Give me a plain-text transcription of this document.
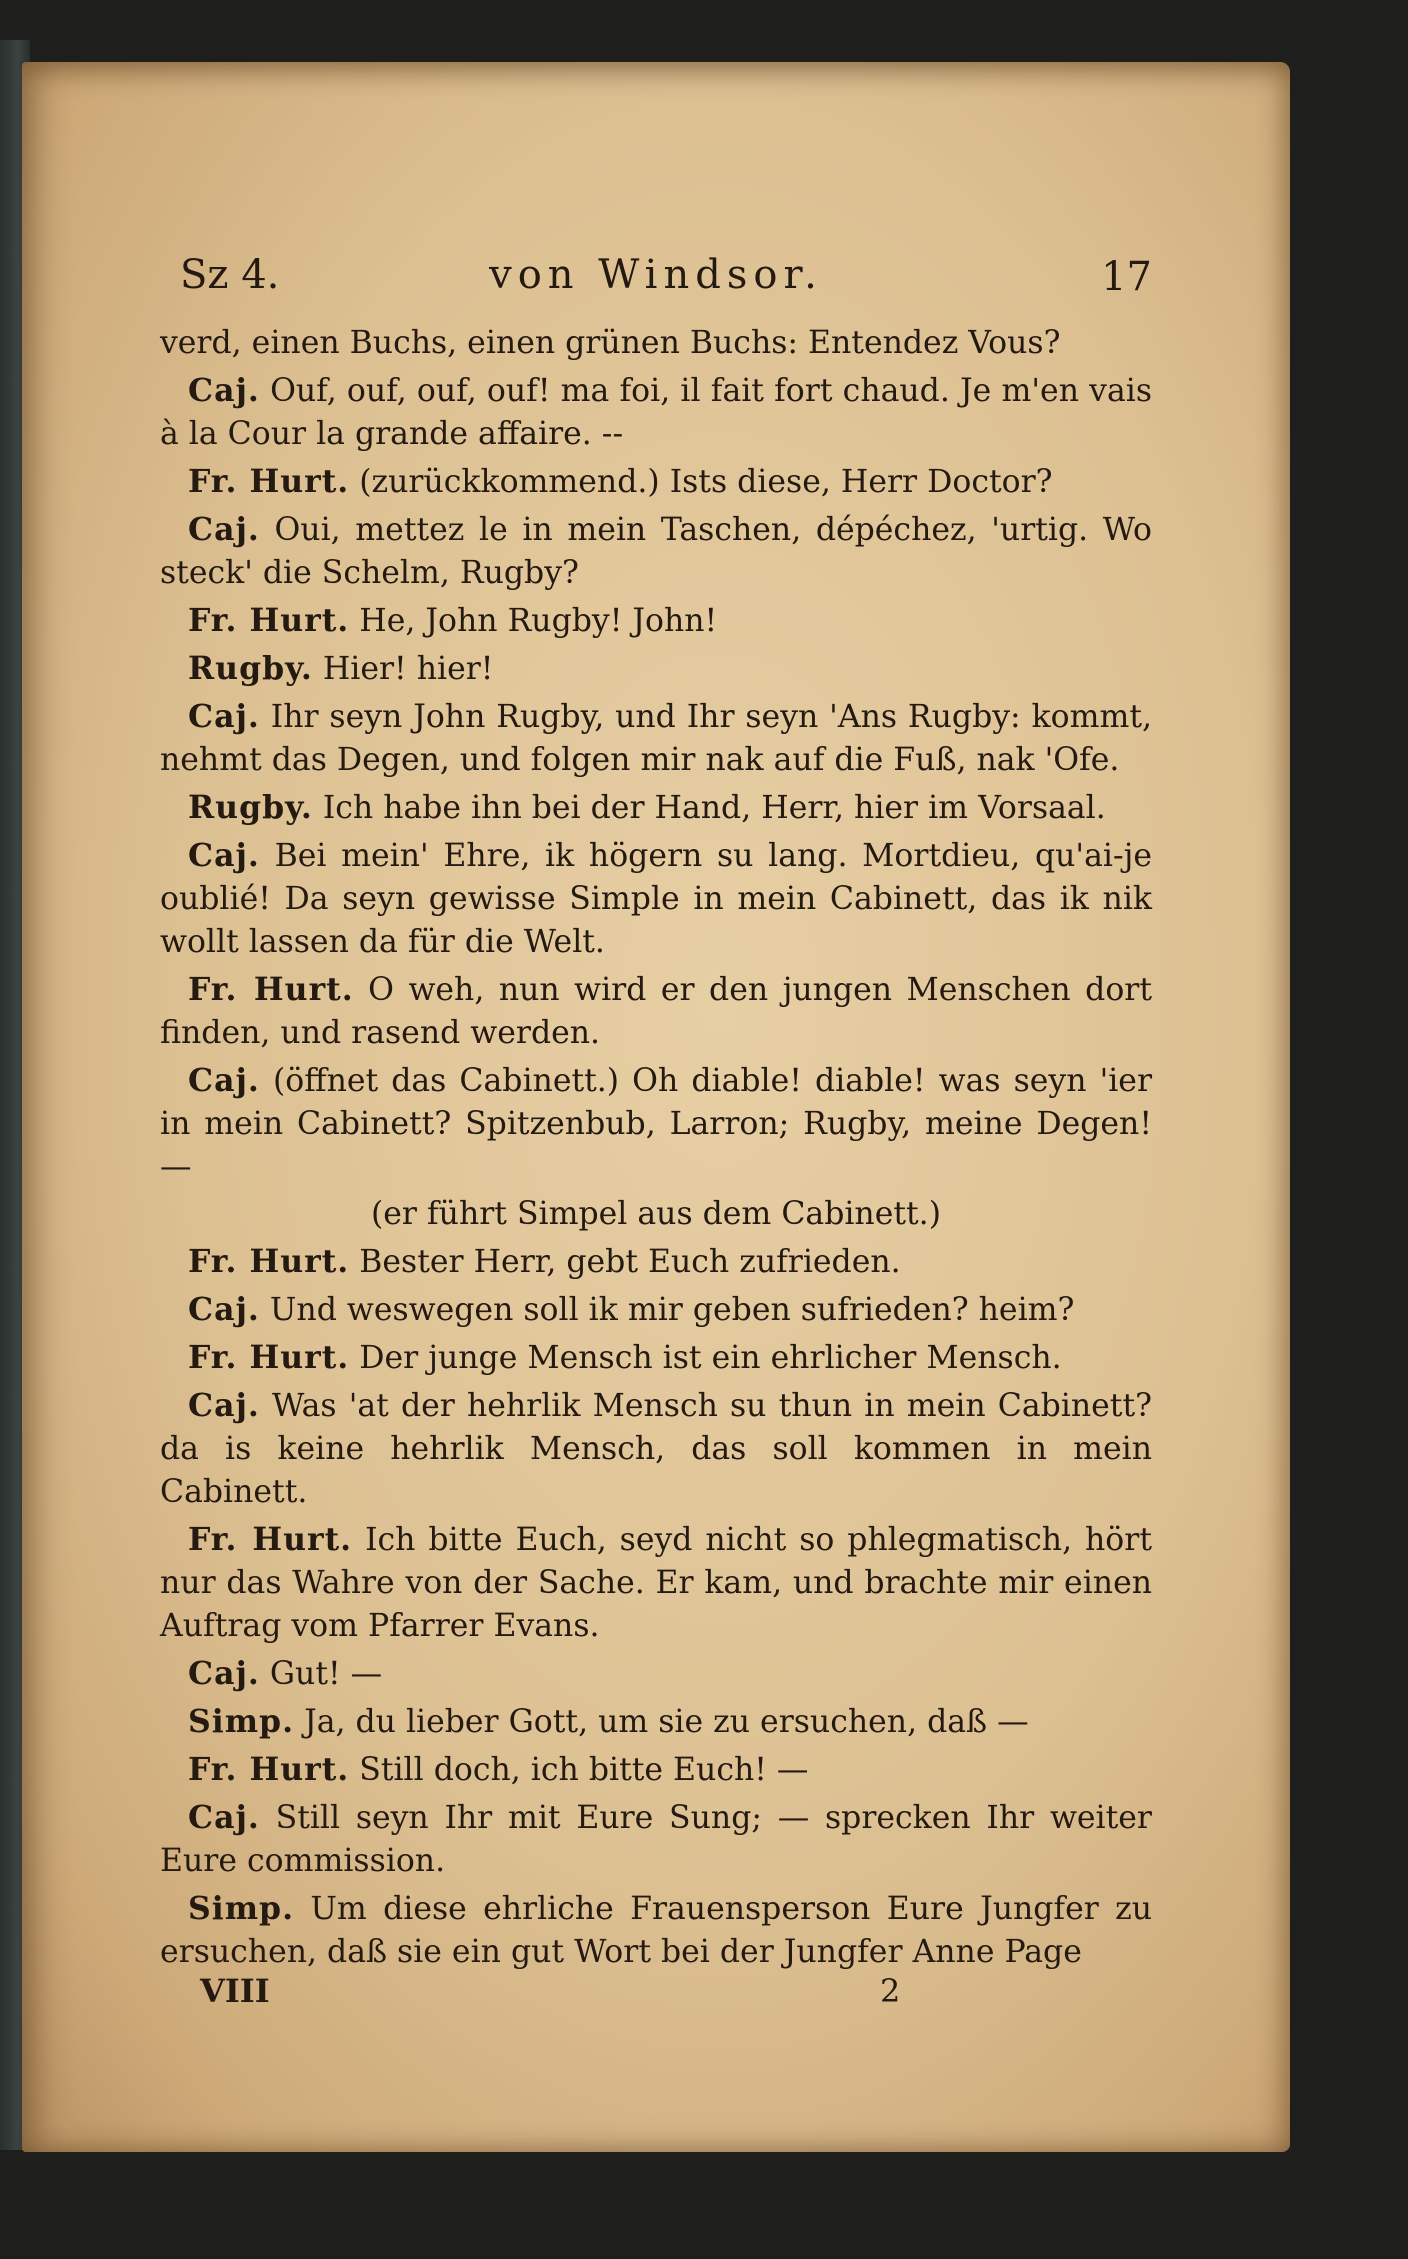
Sz 4.	von Windsor.	17

verd, einen Buchs, einen grünen Buchs: Entendez Vous?

Caj. Ouf, ouf, ouf, ouf! ma foi, il fait fort chaud. Je m'en vais à la Cour la grande affaire. --

Fr. Hurt. (zurückkommend.) Ists diese, Herr Doctor?

Caj. Oui, mettez le in mein Taschen, dépéchez, 'urtig. Wo steck' die Schelm, Rugby?

Fr. Hurt. He, John Rugby! John!

Rugby. Hier! hier!

Caj. Ihr seyn John Rugby, und Ihr seyn 'Ans Rugby: kommt, nehmt das Degen, und folgen mir nak auf die Fuß, nak 'Ofe.

Rugby. Ich habe ihn bei der Hand, Herr, hier im Vorsaal.

Caj. Bei mein' Ehre, ik högern su lang. Mortdieu, qu'ai-je oublié! Da seyn gewisse Simple in mein Cabinett, das ik nik wollt lassen da für die Welt.

Fr. Hurt. O weh, nun wird er den jungen Menschen dort finden, und rasend werden.

Caj. (öffnet das Cabinett.) Oh diable! diable! was seyn 'ier in mein Cabinett? Spitzenbub, Larron; Rugby, meine Degen! —

(er führt Simpel aus dem Cabinett.)

Fr. Hurt. Bester Herr, gebt Euch zufrieden.

Caj. Und weswegen soll ik mir geben sufrieden? heim?

Fr. Hurt. Der junge Mensch ist ein ehrlicher Mensch.

Caj. Was 'at der hehrlik Mensch su thun in mein Cabinett? da is keine hehrlik Mensch, das soll kommen in mein Cabinett.

Fr. Hurt. Ich bitte Euch, seyd nicht so phlegmatisch, hört nur das Wahre von der Sache. Er kam, und brachte mir einen Auftrag vom Pfarrer Evans.

Caj. Gut! —

Simp. Ja, du lieber Gott, um sie zu ersuchen, daß —

Fr. Hurt. Still doch, ich bitte Euch! —

Caj. Still seyn Ihr mit Eure Sung; — sprecken Ihr weiter Eure commission.

Simp. Um diese ehrliche Frauensperson Eure Jungfer zu ersuchen, daß sie ein gut Wort bei der Jungfer Anne Page

VIII	2
